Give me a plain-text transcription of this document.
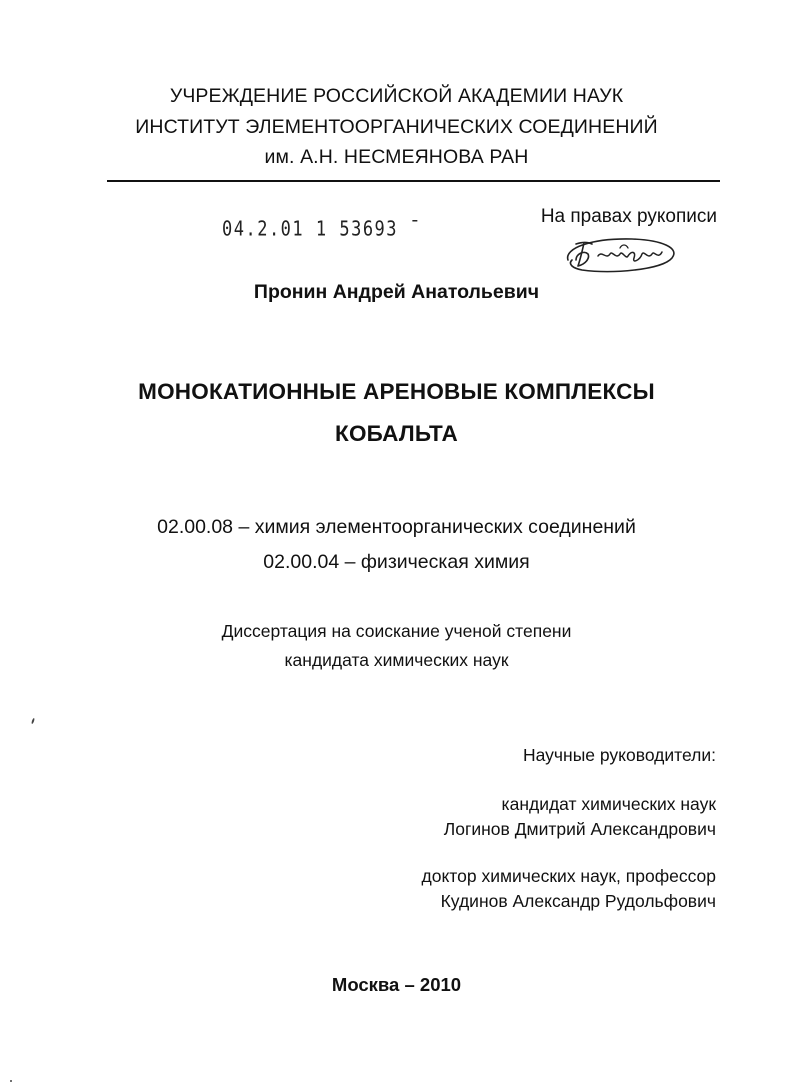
УЧРЕЖДЕНИЕ РОССИЙСКОЙ АКАДЕМИИ НАУК

ИНСТИТУТ ЭЛЕМЕНТООРГАНИЧЕСКИХ СОЕДИНЕНИЙ

им. А.Н. НЕСМЕЯНОВА РАН

04.2.01 1 53693 ˉ

На правах рукописи

Пронин Андрей Анатольевич

МОНОКАТИОННЫЕ АРЕНОВЫЕ КОМПЛЕКСЫ

КОБАЛЬТА

02.00.08 – химия элементоорганических соединений

02.00.04 – физическая химия

Диссертация на соискание ученой степени

кандидата химических наук

Научные руководители:

кандидат химических наук

Логинов Дмитрий Александрович

доктор химических наук, профессор

Кудинов Александр Рудольфович

Москва – 2010
